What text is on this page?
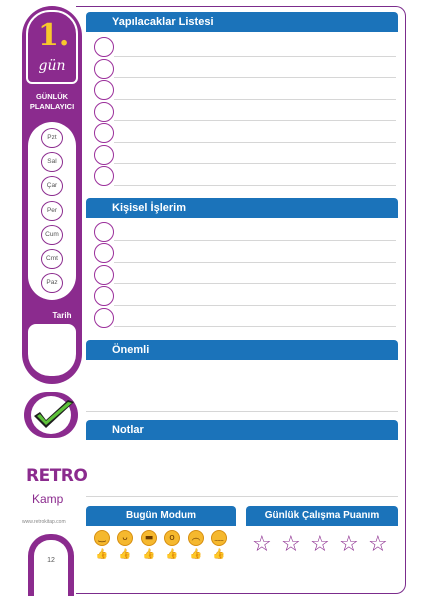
1.
gün
GÜNLÜK
PLANLAYICI
Pzt
Sal
Çar
Per
Cum
Cmt
Paz
Tarih
RETRO
Kamp
www.retrokitap.com
12
Yapılacaklar Listesi
Kişisel İşlerim
Önemli
Notlar
Bugün Modum
‿	ᴗ	▬	o	︵ ﹏
👍 👍 👍 👍 👍 👍
Günlük Çalışma Puanım
☆ ☆ ☆ ☆ ☆
